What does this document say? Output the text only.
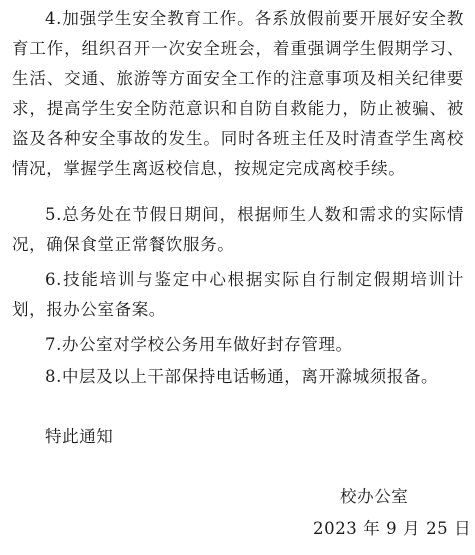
4.加强学生安全教育工作。各系放假前要开展好安全教育工作，组织召开一次安全班会，着重强调学生假期学习、生活、交通、旅游等方面安全工作的注意事项及相关纪律要求，提高学生安全防范意识和自防自救能力，防止被骗、被盗及各种安全事故的发生。同时各班主任及时清查学生离校情况，掌握学生离返校信息，按规定完成离校手续。

5.总务处在节假日期间，根据师生人数和需求的实际情况，确保食堂正常餐饮服务。

6.技能培训与鉴定中心根据实际自行制定假期培训计划，报办公室备案。

7.办公室对学校公务用车做好封存管理。

8.中层及以上干部保持电话畅通，离开滁城须报备。

特此通知

校办公室

2023 年 9 月 25 日
